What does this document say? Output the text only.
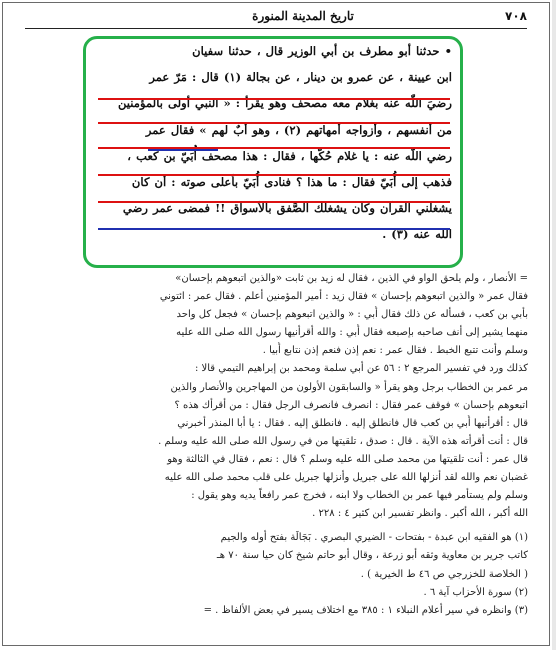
٧٠٨
تاريخ المدينة المنورة
• حدثنا أبو مطرف بن أبي الوزير قال ، حدثنا سفيان
ابن عيينة ، عن عمرو بن دينار ، عن بجالة (١) قال : مَرّ عمر
رضيَ اللّٰه عنه بغلام معه مصحف وهو يقرأ : « النبي أولى بالمؤمنين
من أنفسهم ، وأزواجه أمهاتهم (٢) ، وهو أبٌ لهم » فقال عمر
رضي اللّٰه عنه : يا غلام حُكّها ، فقال : هذا مصحف أُبَيّ بن كعب ،
فذهب إلى أُبَيّ فقال : ما هذا ؟ فنادى أُبَيّ بأعلى صوته : أن كان
يشغلني القرآن وكان يشغلك الصَّفق بالأسواق !! فمضى عمر رضي
الله عنه (٣) .
= الأنصار ، ولم يلحق الواو في الذين ، فقال له زيد بن ثابت «والذين اتبعوهم بإحسان»
فقال عمر « والذين اتبعوهم بإحسان » فقال زيد : أمير المؤمنين أعلم . فقال عمر : ائتوني
بأبي بن كعب ، فسأله عن ذلك فقال أُبي : « والذين اتبعوهم بإحسان » فجعل كل واحد
منهما يشير إلى أنف صاحبه بإصبعه فقال أُبي : والله أقرأنيها رسول الله صلى الله عليه
وسلم وأنت تتبع الخبط . فقال عمر : نعم إذن فنعم إذن نتابع أُبيا .
كذلك ورد في تفسير المرجع ٢ : ٥٦ عن أبي سلمة ومحمد بن إبراهيم التيمي قالا :
مر عمر بن الخطاب برجل وهو يقرأ « والسابقون الأولون من المهاجرين والأنصار والذين
اتبعوهم بإحسان » فوقف عمر فقال : انصرف فانصرف الرجل فقال : من أقرأك هذه ؟
قال : أقرأنيها أُبي بن كعب قال فانطلق إليه . فانطلق إليه . فقال : يا أبا المنذر أخبرني
قال : أنت أقرأته هذه الآية . قال : صدق ، تلقيتها من في رسول الله صلى الله عليه وسلم .
قال عمر : أنت تلقيتها من محمد صلى الله عليه وسلم ؟ قال : نعم ، فقال في الثالثة وهو
غضبان نعم والله لقد أنزلها الله على جبريل وأنزلها جبريل على قلب محمد صلى الله عليه
وسلم ولم يستأمر فيها عمر بن الخطاب ولا ابنه ، فخرج عمر رافعاً يديه وهو يقول :
الله أكبر ، الله أكبر . وانظر تفسير ابن كثير ٤ : ٢٢٨ .
(١) هو الفقيه ابن عبدة - بفتحات - الضيري البصري . بَجَالَة بفتح أوله والجيم
كاتب جرير بن معاوية وثقه أبو زرعة ، وقال أبو حاتم شيخ كان حيا سنة ٧٠ هـ
( الخلاصة للخزرجي ص ٤٦ ط الخيرية ) .
(٢) سورة الأحزاب آية ٦ .
(٣) وانظره في سير أعلام النبلاء ١ : ٣٨٥ مع اختلاف يسير في بعض الألفاظ . =
